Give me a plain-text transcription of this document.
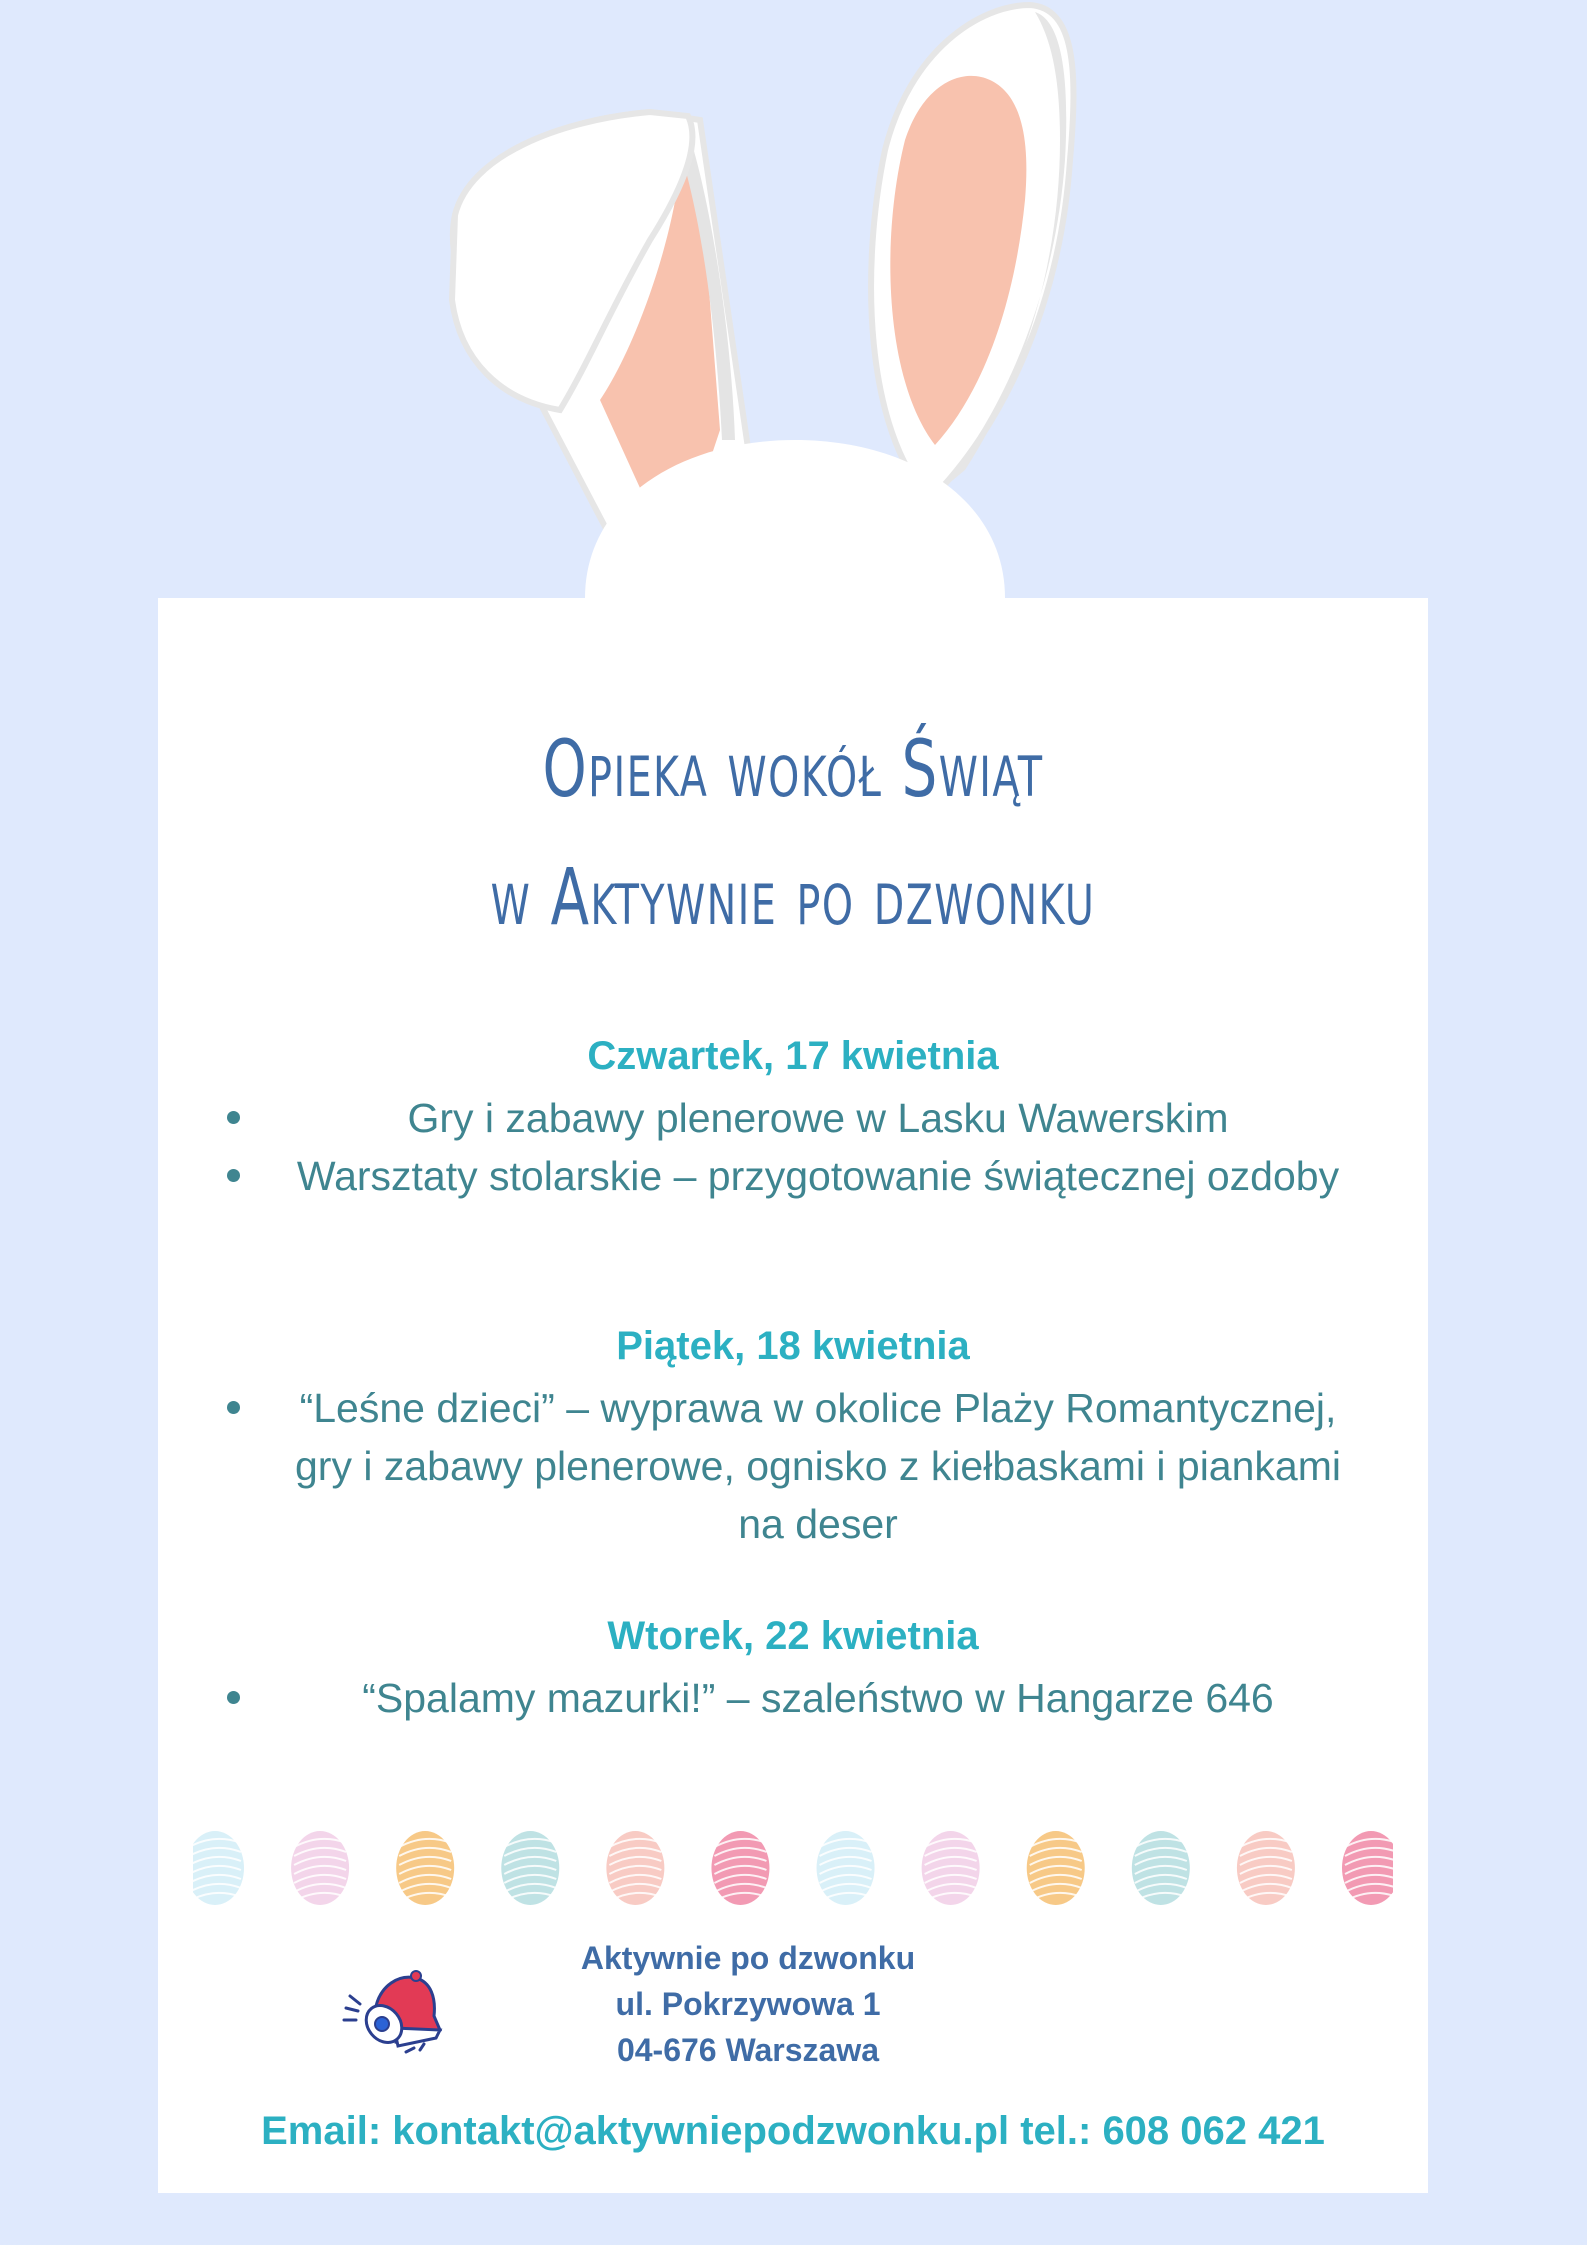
Opieka wokół Świąt
w Aktywnie po dzwonku
Czwartek, 17 kwietnia
Gry i zabawy plenerowe w Lasku Wawerskim
Warsztaty stolarskie – przygotowanie świątecznej ozdoby
Piątek, 18 kwietnia
“Leśne dzieci” – wyprawa w okolice Plaży Romantycznej, gry i zabawy plenerowe, ognisko z kiełbaskami i piankami na deser
Wtorek, 22 kwietnia
“Spalamy mazurki!” – szaleństwo w Hangarze 646
Aktywnie po dzwonku
ul. Pokrzywowa 1
04-676 Warszawa
Email: kontakt@aktywniepodzwonku.pl tel.: 608 062 421
